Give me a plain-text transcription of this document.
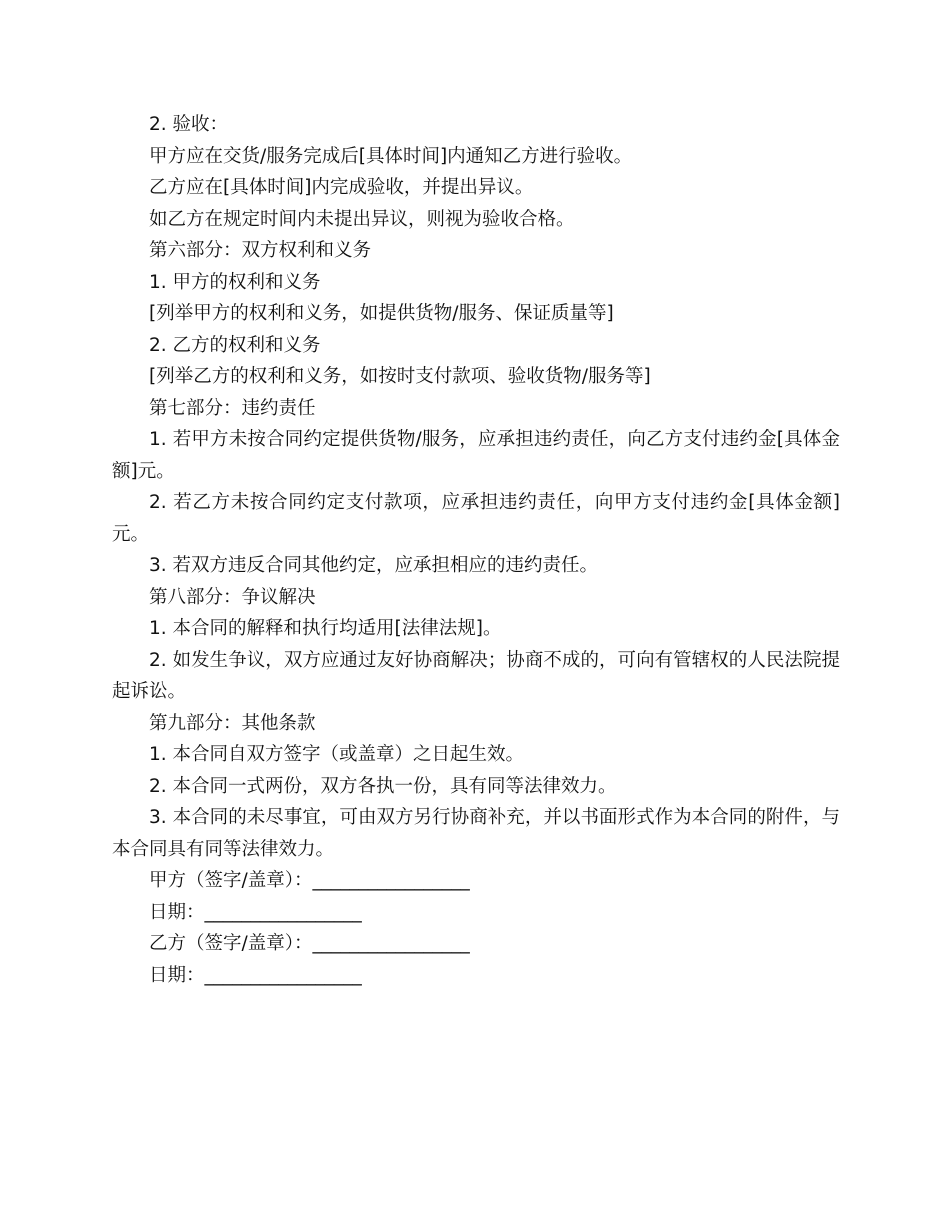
2. 验收：

甲方应在交货/服务完成后[具体时间]内通知乙方进行验收。

乙方应在[具体时间]内完成验收，并提出异议。

如乙方在规定时间内未提出异议，则视为验收合格。

第六部分：双方权利和义务

1. 甲方的权利和义务

[列举甲方的权利和义务，如提供货物/服务、保证质量等]

2. 乙方的权利和义务

[列举乙方的权利和义务，如按时支付款项、验收货物/服务等]

第七部分：违约责任

1. 若甲方未按合同约定提供货物/服务，应承担违约责任，向乙方支付违约金[具体金额]元。

2. 若乙方未按合同约定支付款项，应承担违约责任，向甲方支付违约金[具体金额]元。

3. 若双方违反合同其他约定，应承担相应的违约责任。

第八部分：争议解决

1. 本合同的解释和执行均适用[法律法规]。

2. 如发生争议，双方应通过友好协商解决；协商不成的，可向有管辖权的人民法院提起诉讼。

第九部分：其他条款

1. 本合同自双方签字（或盖章）之日起生效。

2. 本合同一式两份，双方各执一份，具有同等法律效力。

3. 本合同的未尽事宜，可由双方另行协商补充，并以书面形式作为本合同的附件，与本合同具有同等法律效力。

甲方（签字/盖章）：_________________

日期：_________________

乙方（签字/盖章）：_________________

日期：_________________
